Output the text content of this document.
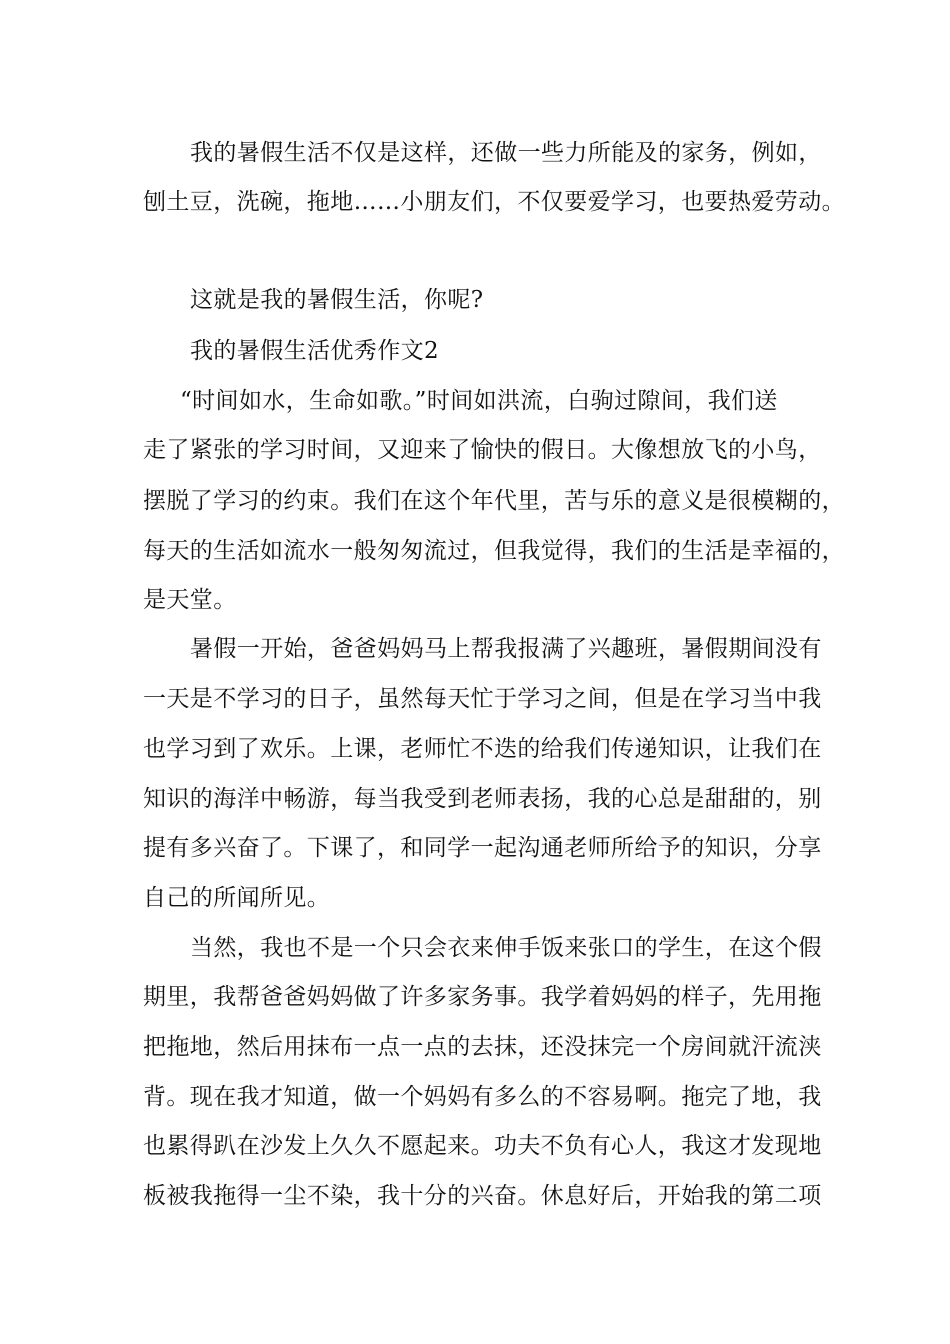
我的暑假生活不仅是这样，还做一些力所能及的家务，例如，
刨土豆，洗碗，拖地……小朋友们，不仅要爱学习，也要热爱劳动。
这就是我的暑假生活，你呢?
我的暑假生活优秀作文2
“时间如水，生命如歌。”时间如洪流，白驹过隙间，我们送
走了紧张的学习时间，又迎来了愉快的假日。大像想放飞的小鸟，
摆脱了学习的约束。我们在这个年代里，苦与乐的意义是很模糊的，
每天的生活如流水一般匆匆流过，但我觉得，我们的生活是幸福的，
是天堂。
暑假一开始，爸爸妈妈马上帮我报满了兴趣班，暑假期间没有
一天是不学习的日子，虽然每天忙于学习之间，但是在学习当中我
也学习到了欢乐。上课，老师忙不迭的给我们传递知识，让我们在
知识的海洋中畅游，每当我受到老师表扬，我的心总是甜甜的，别
提有多兴奋了。下课了，和同学一起沟通老师所给予的知识，分享
自己的所闻所见。
当然，我也不是一个只会衣来伸手饭来张口的学生，在这个假
期里，我帮爸爸妈妈做了许多家务事。我学着妈妈的样子，先用拖
把拖地，然后用抹布一点一点的去抹，还没抹完一个房间就汗流浃
背。现在我才知道，做一个妈妈有多么的不容易啊。拖完了地，我
也累得趴在沙发上久久不愿起来。功夫不负有心人，我这才发现地
板被我拖得一尘不染，我十分的兴奋。休息好后，开始我的第二项
